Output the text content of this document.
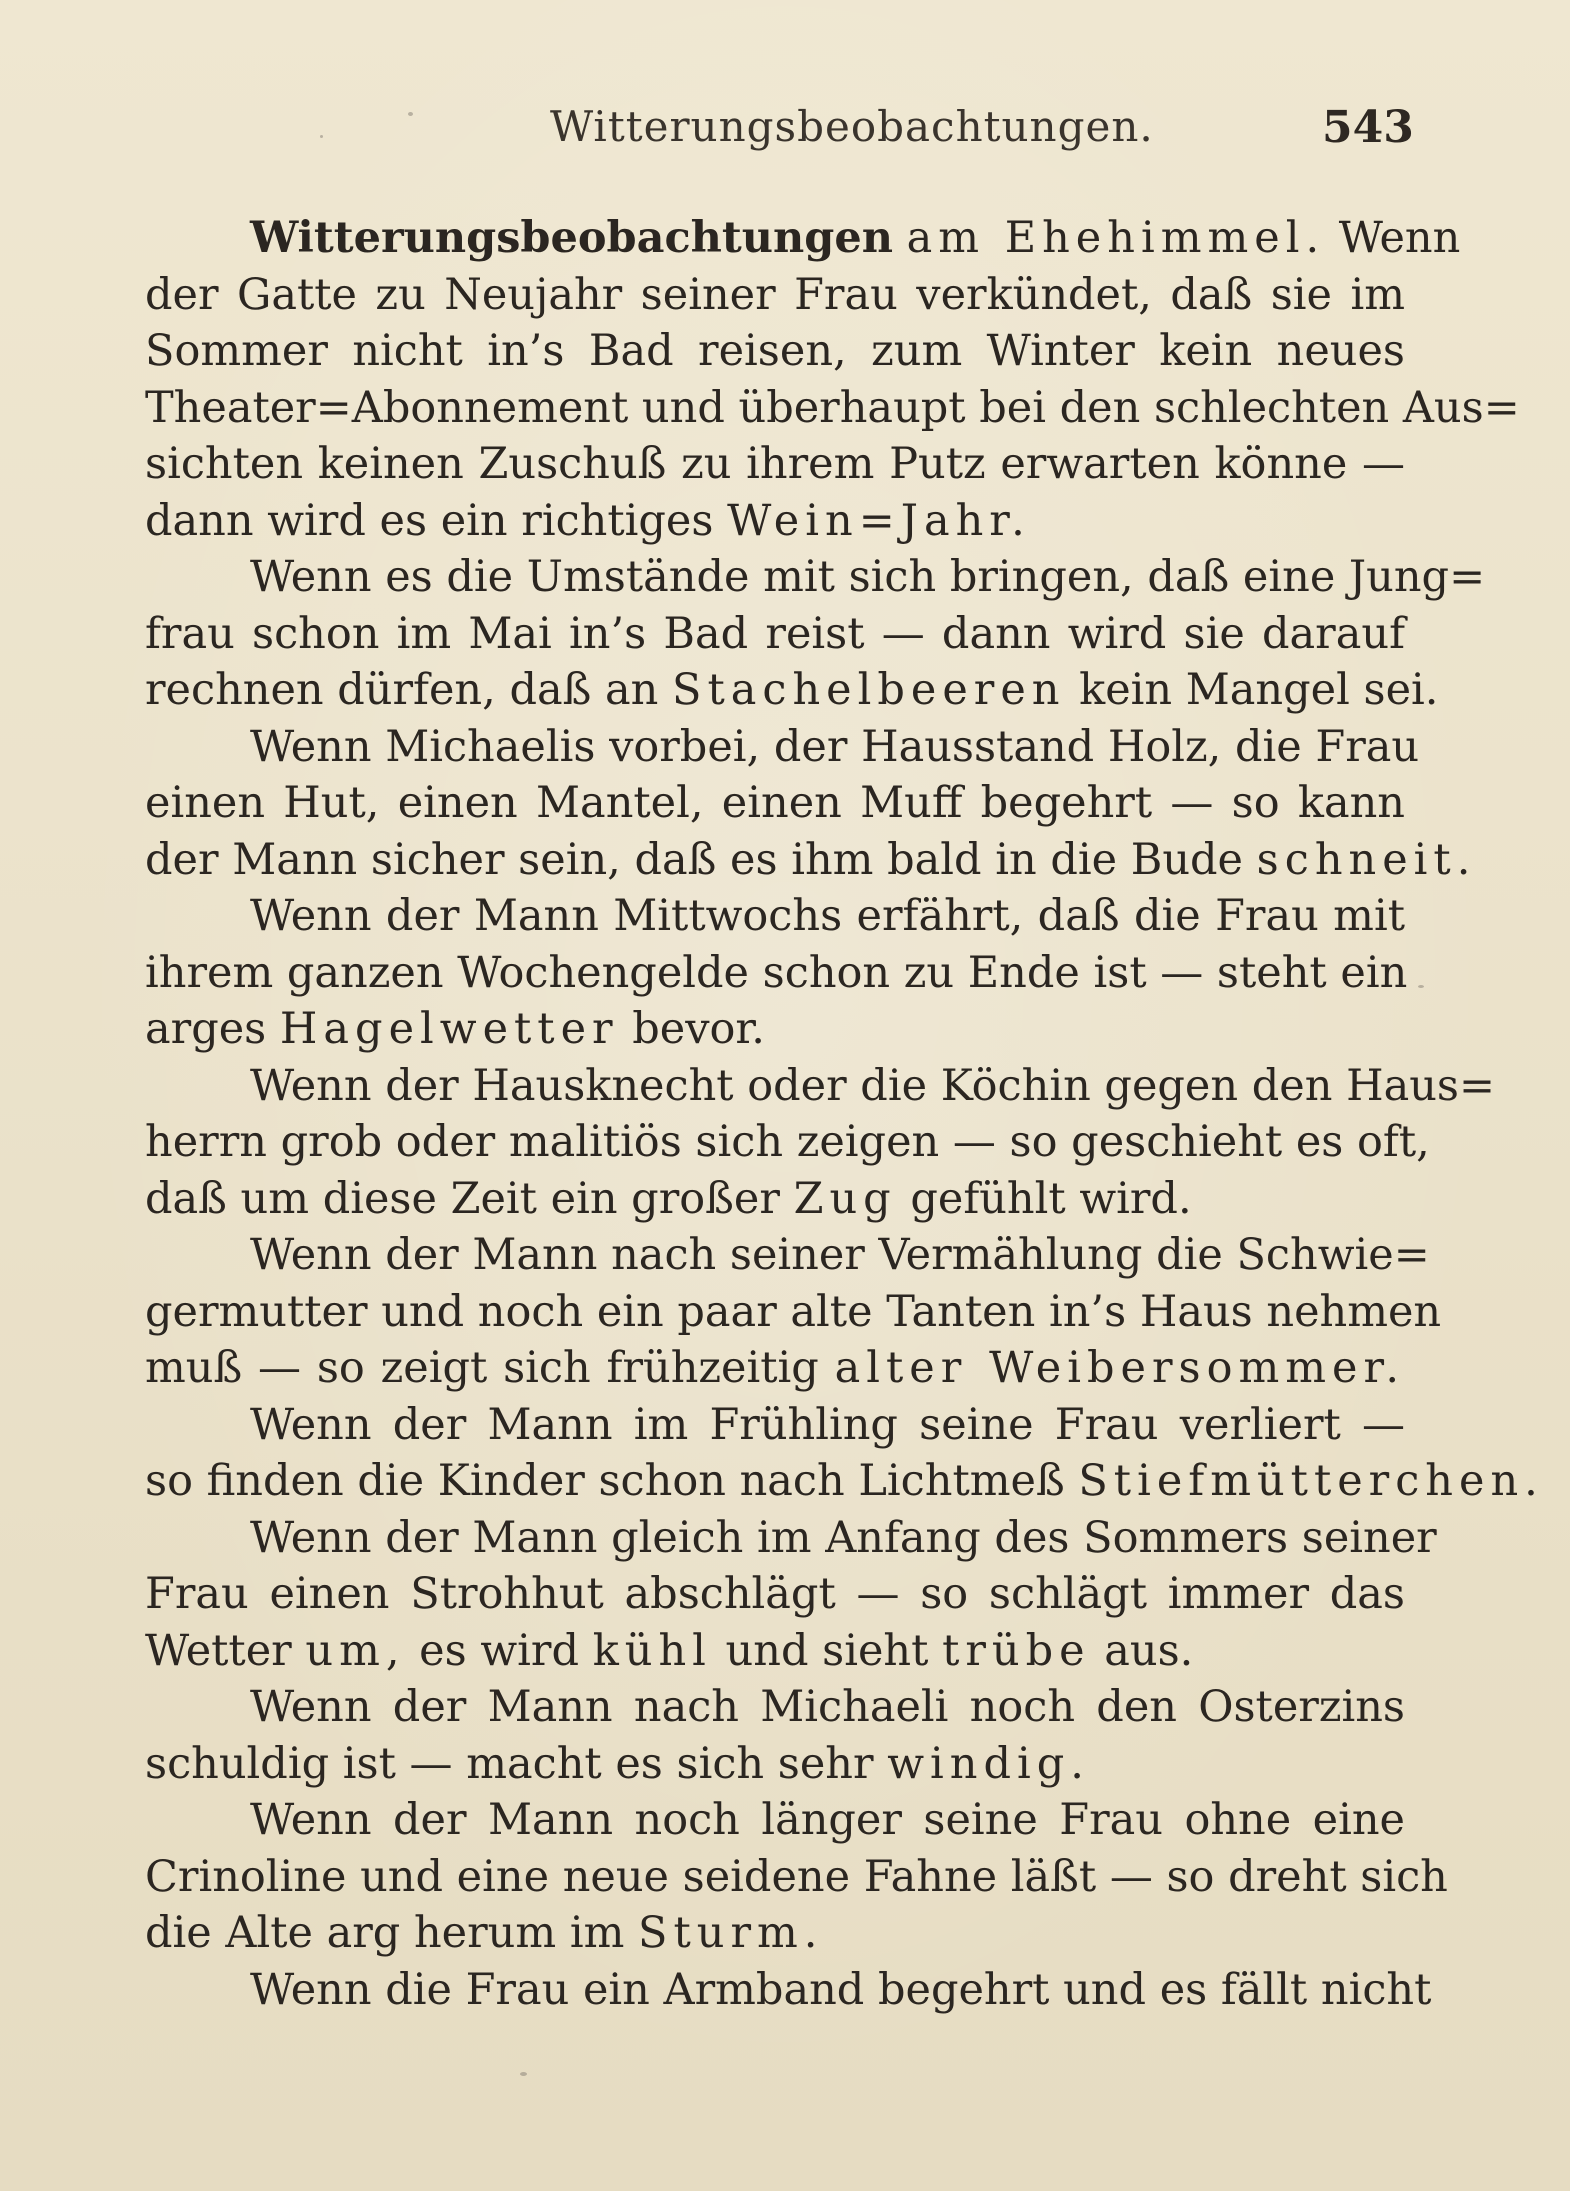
Witterungsbeobachtungen.	543
Witterungsbeobachtungen am Ehehimmel. Wenn
der Gatte zu Neujahr seiner Frau verkündet, daß sie im
Sommer nicht in’s Bad reisen, zum Winter kein neues
Theater=Abonnement und überhaupt bei den schlechten Aus=
sichten keinen Zuschuß zu ihrem Putz erwarten könne —
dann wird es ein richtiges Wein=Jahr.
Wenn es die Umstände mit sich bringen, daß eine Jung=
frau schon im Mai in’s Bad reist — dann wird sie darauf
rechnen dürfen, daß an Stachelbeeren kein Mangel sei.
Wenn Michaelis vorbei, der Hausstand Holz, die Frau
einen Hut, einen Mantel, einen Muff begehrt — so kann
der Mann sicher sein, daß es ihm bald in die Bude schneit.
Wenn der Mann Mittwochs erfährt, daß die Frau mit
ihrem ganzen Wochengelde schon zu Ende ist — steht ein
arges Hagelwetter bevor.
Wenn der Hausknecht oder die Köchin gegen den Haus=
herrn grob oder malitiös sich zeigen — so geschieht es oft,
daß um diese Zeit ein großer Zug gefühlt wird.
Wenn der Mann nach seiner Vermählung die Schwie=
germutter und noch ein paar alte Tanten in’s Haus nehmen
muß — so zeigt sich frühzeitig alter Weibersommer.
Wenn der Mann im Frühling seine Frau verliert —
so finden die Kinder schon nach Lichtmeß Stiefmütterchen.
Wenn der Mann gleich im Anfang des Sommers seiner
Frau einen Strohhut abschlägt — so schlägt immer das
Wetter um, es wird kühl und sieht trübe aus.
Wenn der Mann nach Michaeli noch den Osterzins
schuldig ist — macht es sich sehr windig.
Wenn der Mann noch länger seine Frau ohne eine
Crinoline und eine neue seidene Fahne läßt — so dreht sich
die Alte arg herum im Sturm.
Wenn die Frau ein Armband begehrt und es fällt nicht
